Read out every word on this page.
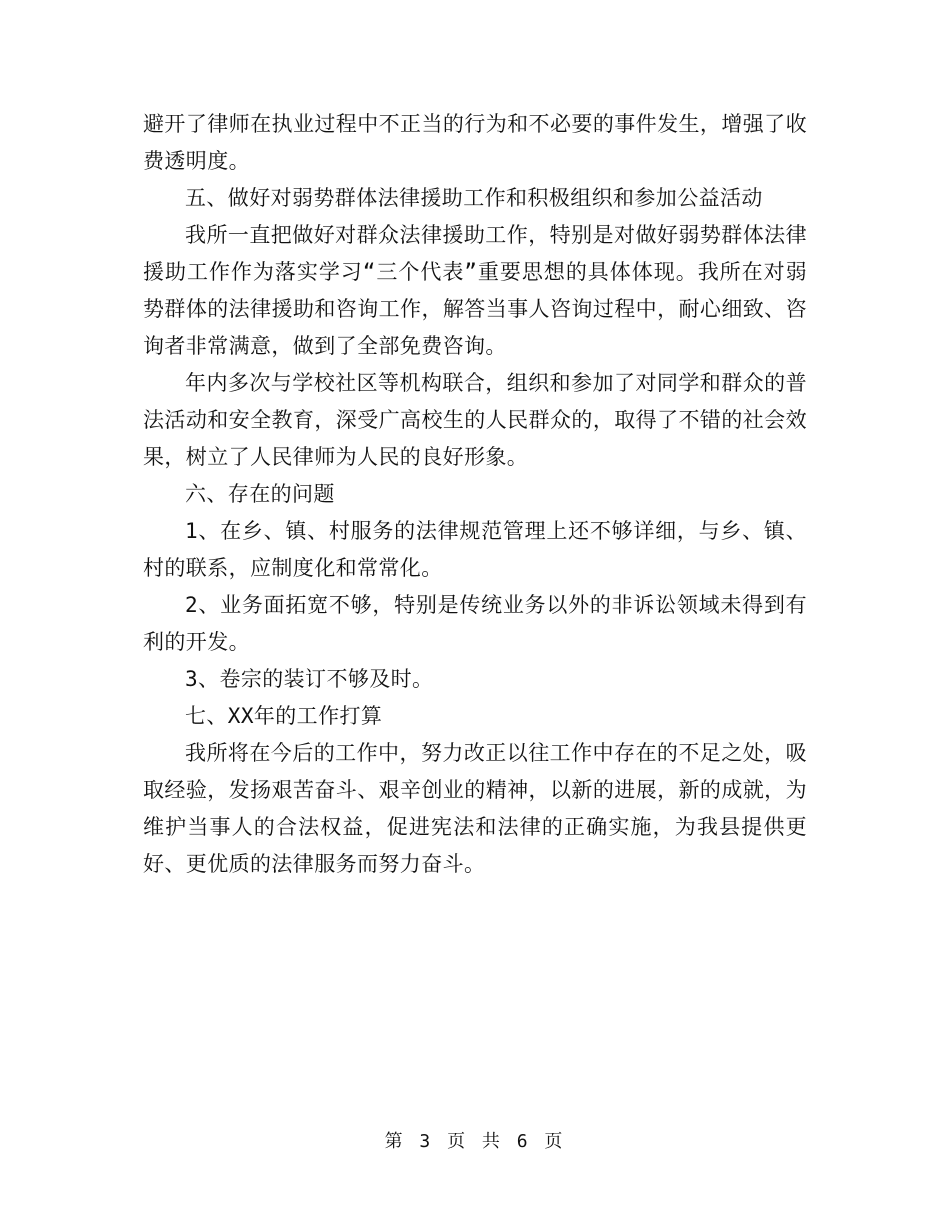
避开了律师在执业过程中不正当的行为和不必要的事件发生，增强了收费透明度。

五、做好对弱势群体法律援助工作和积极组织和参加公益活动

我所一直把做好对群众法律援助工作，特别是对做好弱势群体法律援助工作作为落实学习“三个代表”重要思想的具体体现。我所在对弱势群体的法律援助和咨询工作，解答当事人咨询过程中，耐心细致、咨询者非常满意，做到了全部免费咨询。

年内多次与学校社区等机构联合，组织和参加了对同学和群众的普法活动和安全教育，深受广高校生的人民群众的，取得了不错的社会效果，树立了人民律师为人民的良好形象。

六、存在的问题

1、在乡、镇、村服务的法律规范管理上还不够详细，与乡、镇、村的联系，应制度化和常常化。

2、业务面拓宽不够，特别是传统业务以外的非诉讼领域未得到有利的开发。

3、卷宗的装订不够及时。

七、XX年的工作打算

我所将在今后的工作中，努力改正以往工作中存在的不足之处，吸取经验，发扬艰苦奋斗、艰辛创业的精神，以新的进展，新的成就，为维护当事人的合法权益，促进宪法和法律的正确实施，为我县提供更好、更优质的法律服务而努力奋斗。

第 3 页 共 6 页
